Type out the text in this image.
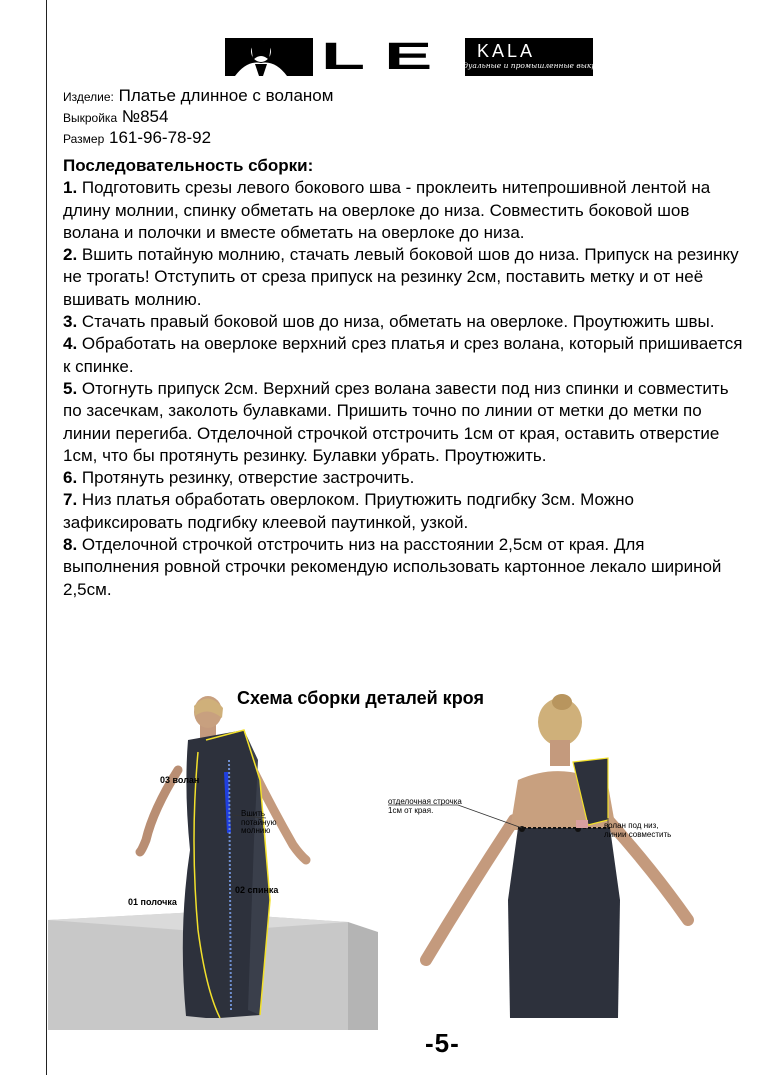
LE KALA
Индивидуальные и промышленные выкройки
Изделие: Платье длинное с воланом
Выкройка №854
Размер 161-96-78-92
Последовательность сборки:

1. Подготовить срезы левого бокового шва - проклеить нитепрошивной лентой на длину молнии, спинку обметать на оверлоке до низа. Совместить боковой шов волана и полочки и вместе обметать на оверлоке до низа.

2. Вшить потайную молнию, стачать левый боковой шов до низа. Припуск на резинку не трогать! Отступить от среза припуск на резинку 2см, поставить метку и от неё вшивать молнию.

3. Стачать правый боковой шов до низа, обметать на оверлоке. Проутюжить швы.

4. Обработать на оверлоке верхний срез платья и срез волана, который пришивается к спинке.

5. Отогнуть припуск 2см. Верхний срез волана завести под низ спинки и совместить по засечкам, заколоть булавками. Пришить точно по линии от метки до метки по линии перегиба. Отделочной строчкой отстрочить 1см от края, оставить отверстие 1см, что бы протянуть резинку. Булавки убрать. Проутюжить.

6. Протянуть резинку, отверстие застрочить.

7. Низ платья обработать оверлоком. Приутюжить подгибку 3см. Можно зафиксировать подгибку клеевой паутинкой, узкой.

8. Отделочной строчкой отстрочить низ на расстоянии 2,5см от края. Для выполнения ровной строчки рекомендую использовать картонное лекало шириной 2,5см.

Схема сборки деталей кроя
03 волан
Вшить потайную молнию
02 спинка
01 полочка
отделочная строчка 1см от края.
волан под низ, линии совместить
-5-
